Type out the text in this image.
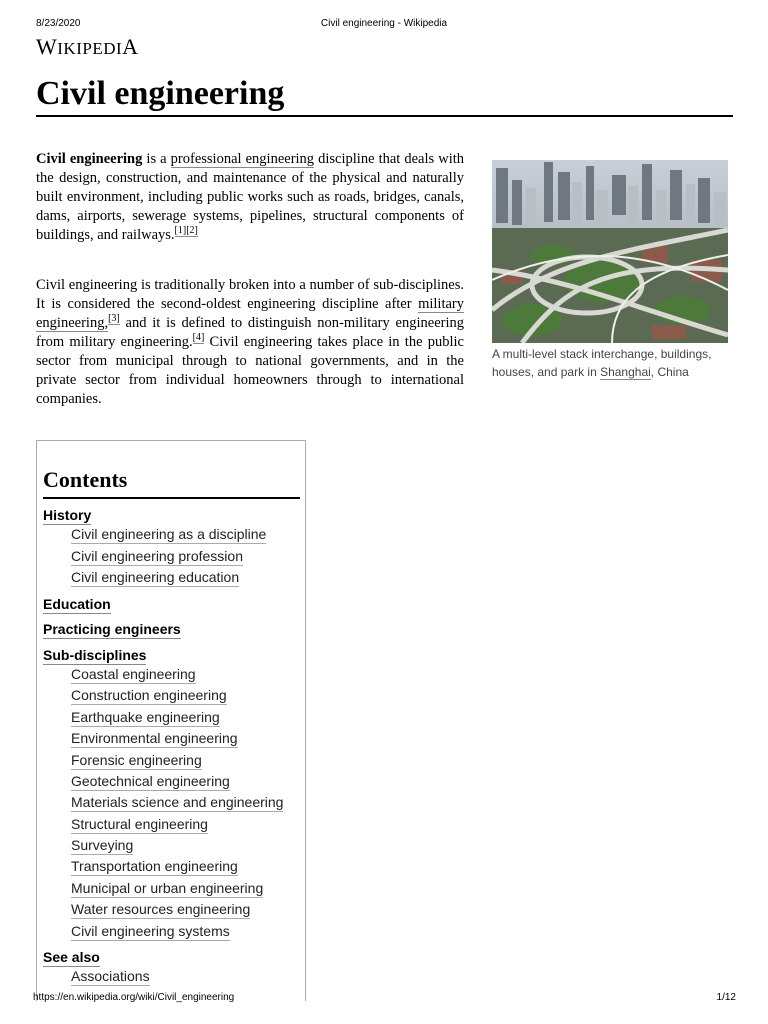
8/23/2020	Civil engineering - Wikipedia
WIKIPEDIA
Civil engineering

Civil engineering is a professional engineering discipline that deals with the design, construction, and maintenance of the physical and naturally built environment, including public works such as roads, bridges, canals, dams, airports, sewerage systems, pipelines, structural components of buildings, and railways.[1][2]

Civil engineering is traditionally broken into a number of sub-disciplines. It is considered the second-oldest engineering discipline after military engineering,[3] and it is defined to distinguish non-military engineering from military engineering.[4] Civil engineering takes place in the public sector from municipal through to national governments, and in the private sector from individual homeowners through to international companies.

A multi-level stack interchange, buildings, houses, and park in Shanghai, China

Contents
History
Civil engineering as a discipline
Civil engineering profession
Civil engineering education
Education
Practicing engineers
Sub-disciplines
Coastal engineering
Construction engineering
Earthquake engineering
Environmental engineering
Forensic engineering
Geotechnical engineering
Materials science and engineering
Structural engineering
Surveying
Transportation engineering
Municipal or urban engineering
Water resources engineering
Civil engineering systems
See also
Associations
https://en.wikipedia.org/wiki/Civil_engineering	1/12
